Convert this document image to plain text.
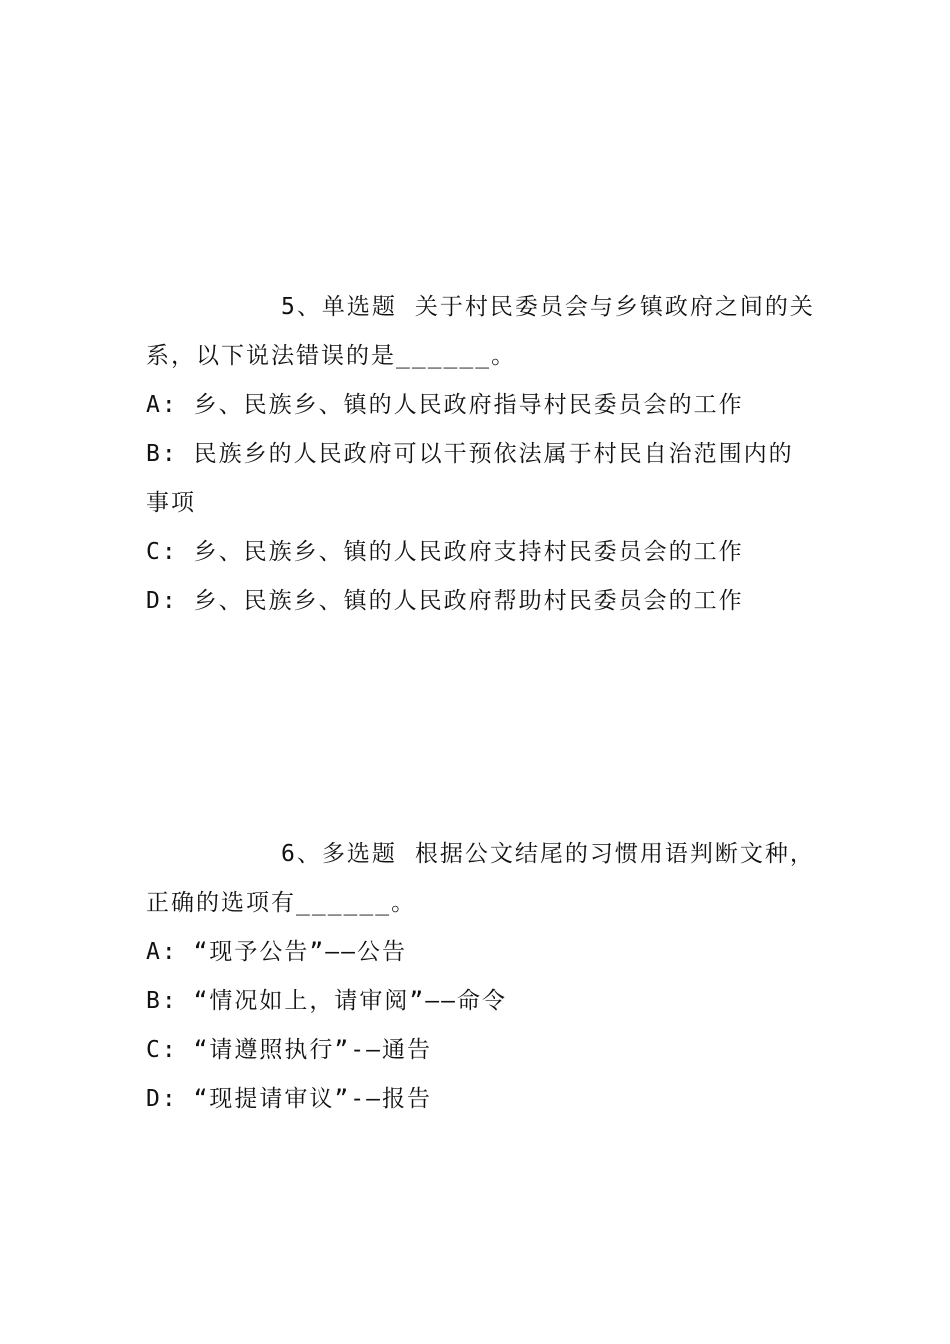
5、单选题 关于村民委员会与乡镇政府之间的关系，以下说法错误的是______。

A: 乡、民族乡、镇的人民政府指导村民委员会的工作

B: 民族乡的人民政府可以干预依法属于村民自治范围内的事项

C: 乡、民族乡、镇的人民政府支持村民委员会的工作

D: 乡、民族乡、镇的人民政府帮助村民委员会的工作

6、多选题 根据公文结尾的习惯用语判断文种，正确的选项有______。

A: “现予公告”——公告

B: “情况如上，请审阅”——命令

C: “请遵照执行”-—通告

D: “现提请审议”-—报告
